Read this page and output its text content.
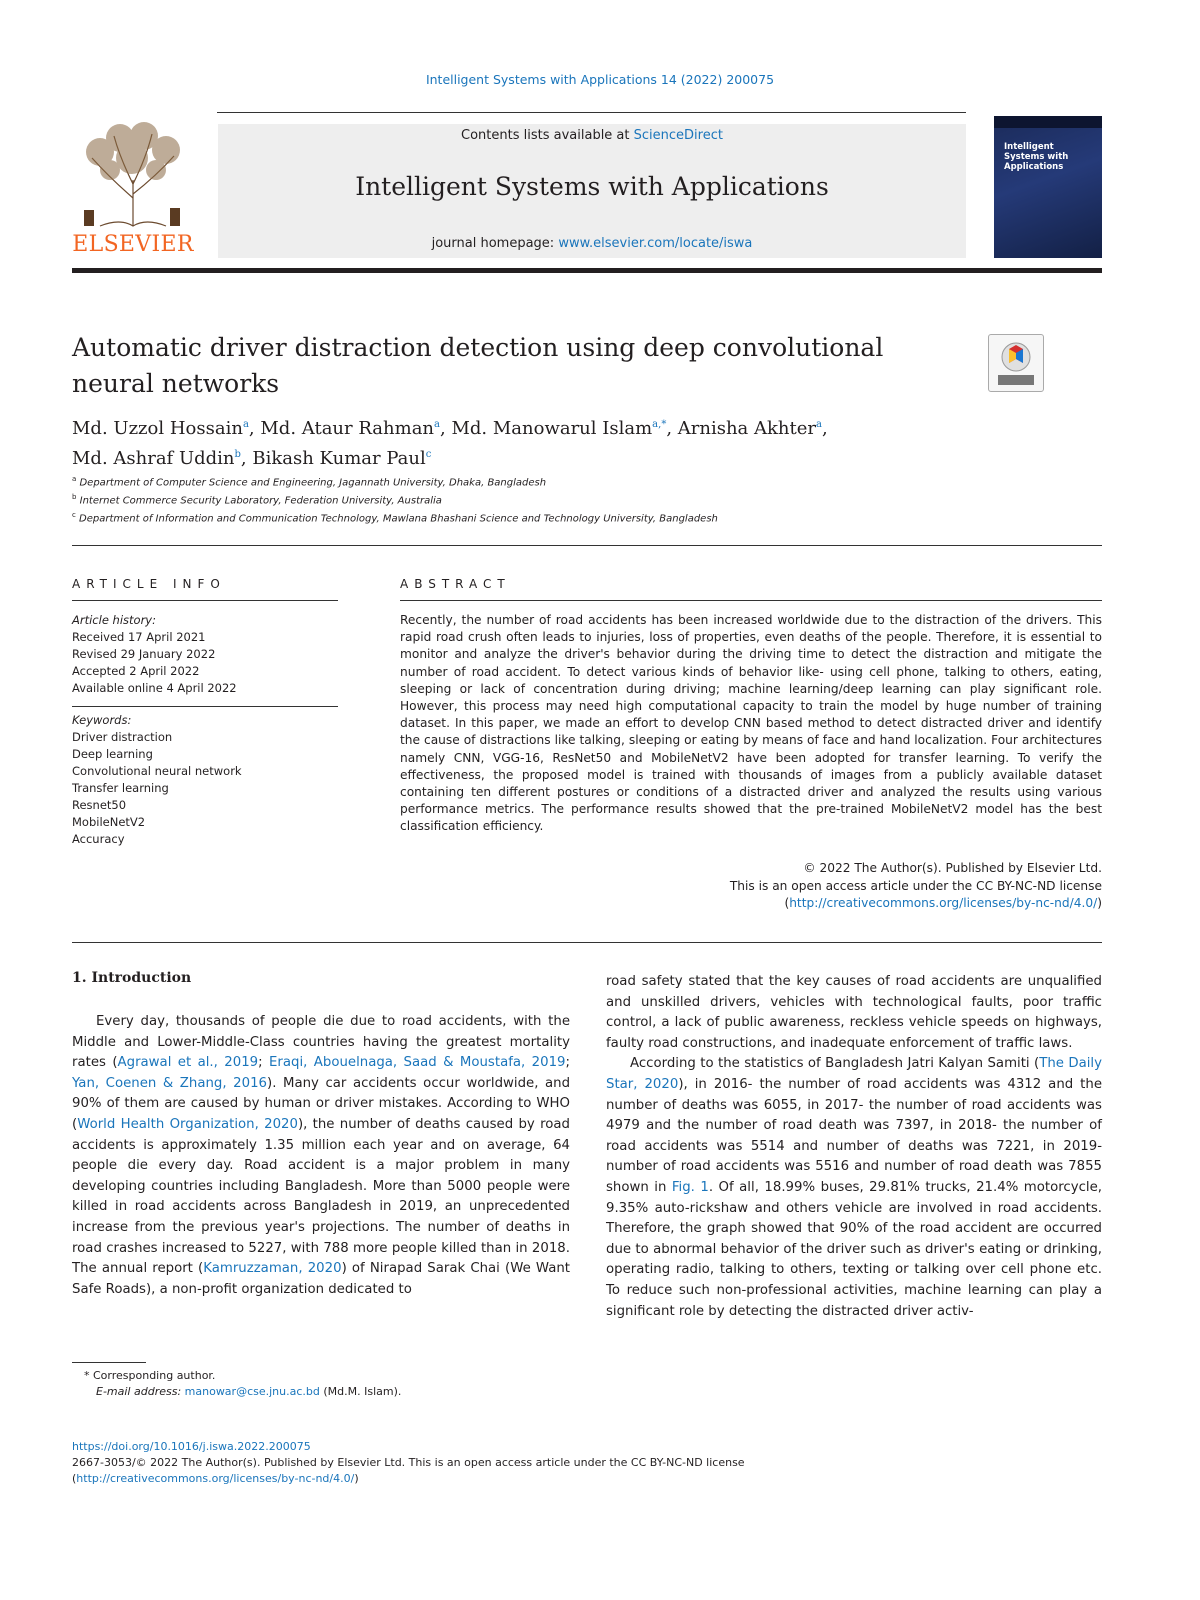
Intelligent Systems with Applications 14 (2022) 200075
ELSEVIER
Contents lists available at ScienceDirect
Intelligent Systems with Applications
journal homepage: www.elsevier.com/locate/iswa
Intelligent Systems with Applications
Automatic driver distraction detection using deep convolutional neural networks
Md. Uzzol Hossain$^a$, Md. Ataur Rahman$^a$, Md. Manowarul Islam$^{a,*}$, Arnisha Akhter$^a$,
Md. Ashraf Uddin$^b$, Bikash Kumar Paul$^c$
$^a$ Department of Computer Science and Engineering, Jagannath University, Dhaka, Bangladesh
$^b$ Internet Commerce Security Laboratory, Federation University, Australia
$^c$ Department of Information and Communication Technology, Mawlana Bhashani Science and Technology University, Bangladesh
ARTICLE INFO
Article history:
Received 17 April 2021
Revised 29 January 2022
Accepted 2 April 2022
Available online 4 April 2022
Keywords:
Driver distraction
Deep learning
Convolutional neural network
Transfer learning
Resnet50
MobileNetV2
Accuracy
ABSTRACT
Recently, the number of road accidents has been increased worldwide due to the distraction of the drivers. This rapid road crush often leads to injuries, loss of properties, even deaths of the people. Therefore, it is essential to monitor and analyze the driver's behavior during the driving time to detect the distraction and mitigate the number of road accident. To detect various kinds of behavior like- using cell phone, talking to others, eating, sleeping or lack of concentration during driving; machine learning/deep learning can play significant role. However, this process may need high computational capacity to train the model by huge number of training dataset. In this paper, we made an effort to develop CNN based method to detect distracted driver and identify the cause of distractions like talking, sleeping or eating by means of face and hand localization. Four architectures namely CNN, VGG-16, ResNet50 and MobileNetV2 have been adopted for transfer learning. To verify the effectiveness, the proposed model is trained with thousands of images from a publicly available dataset containing ten different postures or conditions of a distracted driver and analyzed the results using various performance metrics. The performance results showed that the pre-trained MobileNetV2 model has the best classification efficiency.
© 2022 The Author(s). Published by Elsevier Ltd.
This is an open access article under the CC BY-NC-ND license
(http://creativecommons.org/licenses/by-nc-nd/4.0/)
1. Introduction

Every day, thousands of people die due to road accidents, with the Middle and Lower-Middle-Class countries having the greatest mortality rates (Agrawal et al., 2019; Eraqi, Abouelnaga, Saad & Moustafa, 2019; Yan, Coenen & Zhang, 2016). Many car accidents occur worldwide, and 90% of them are caused by human or driver mistakes. According to WHO (World Health Organization, 2020), the number of deaths caused by road accidents is approximately 1.35 million each year and on average, 64 people die every day. Road accident is a major problem in many developing countries including Bangladesh. More than 5000 people were killed in road accidents across Bangladesh in 2019, an unprecedented increase from the previous year's projections. The number of deaths in road crashes increased to 5227, with 788 more people killed than in 2018. The annual report (Kamruzzaman, 2020) of Nirapad Sarak Chai (We Want Safe Roads), a non-profit organization dedicated to

road safety stated that the key causes of road accidents are unqualified and unskilled drivers, vehicles with technological faults, poor traffic control, a lack of public awareness, reckless vehicle speeds on highways, faulty road constructions, and inadequate enforcement of traffic laws.

According to the statistics of Bangladesh Jatri Kalyan Samiti (The Daily Star, 2020), in 2016- the number of road accidents was 4312 and the number of deaths was 6055, in 2017- the number of road accidents was 4979 and the number of road death was 7397, in 2018- the number of road accidents was 5514 and number of deaths was 7221, in 2019- number of road accidents was 5516 and number of road death was 7855 shown in Fig. 1. Of all, 18.99% buses, 29.81% trucks, 21.4% motorcycle, 9.35% auto-rickshaw and others vehicle are involved in road accidents. Therefore, the graph showed that 90% of the road accident are occurred due to abnormal behavior of the driver such as driver's eating or drinking, operating radio, talking to others, texting or talking over cell phone etc. To reduce such non-professional activities, machine learning can play a significant role by detecting the distracted driver activ-

* Corresponding author.
E-mail address: manowar@cse.jnu.ac.bd (Md.M. Islam).
https://doi.org/10.1016/j.iswa.2022.200075
2667-3053/© 2022 The Author(s). Published by Elsevier Ltd. This is an open access article under the CC BY-NC-ND license
(http://creativecommons.org/licenses/by-nc-nd/4.0/)
